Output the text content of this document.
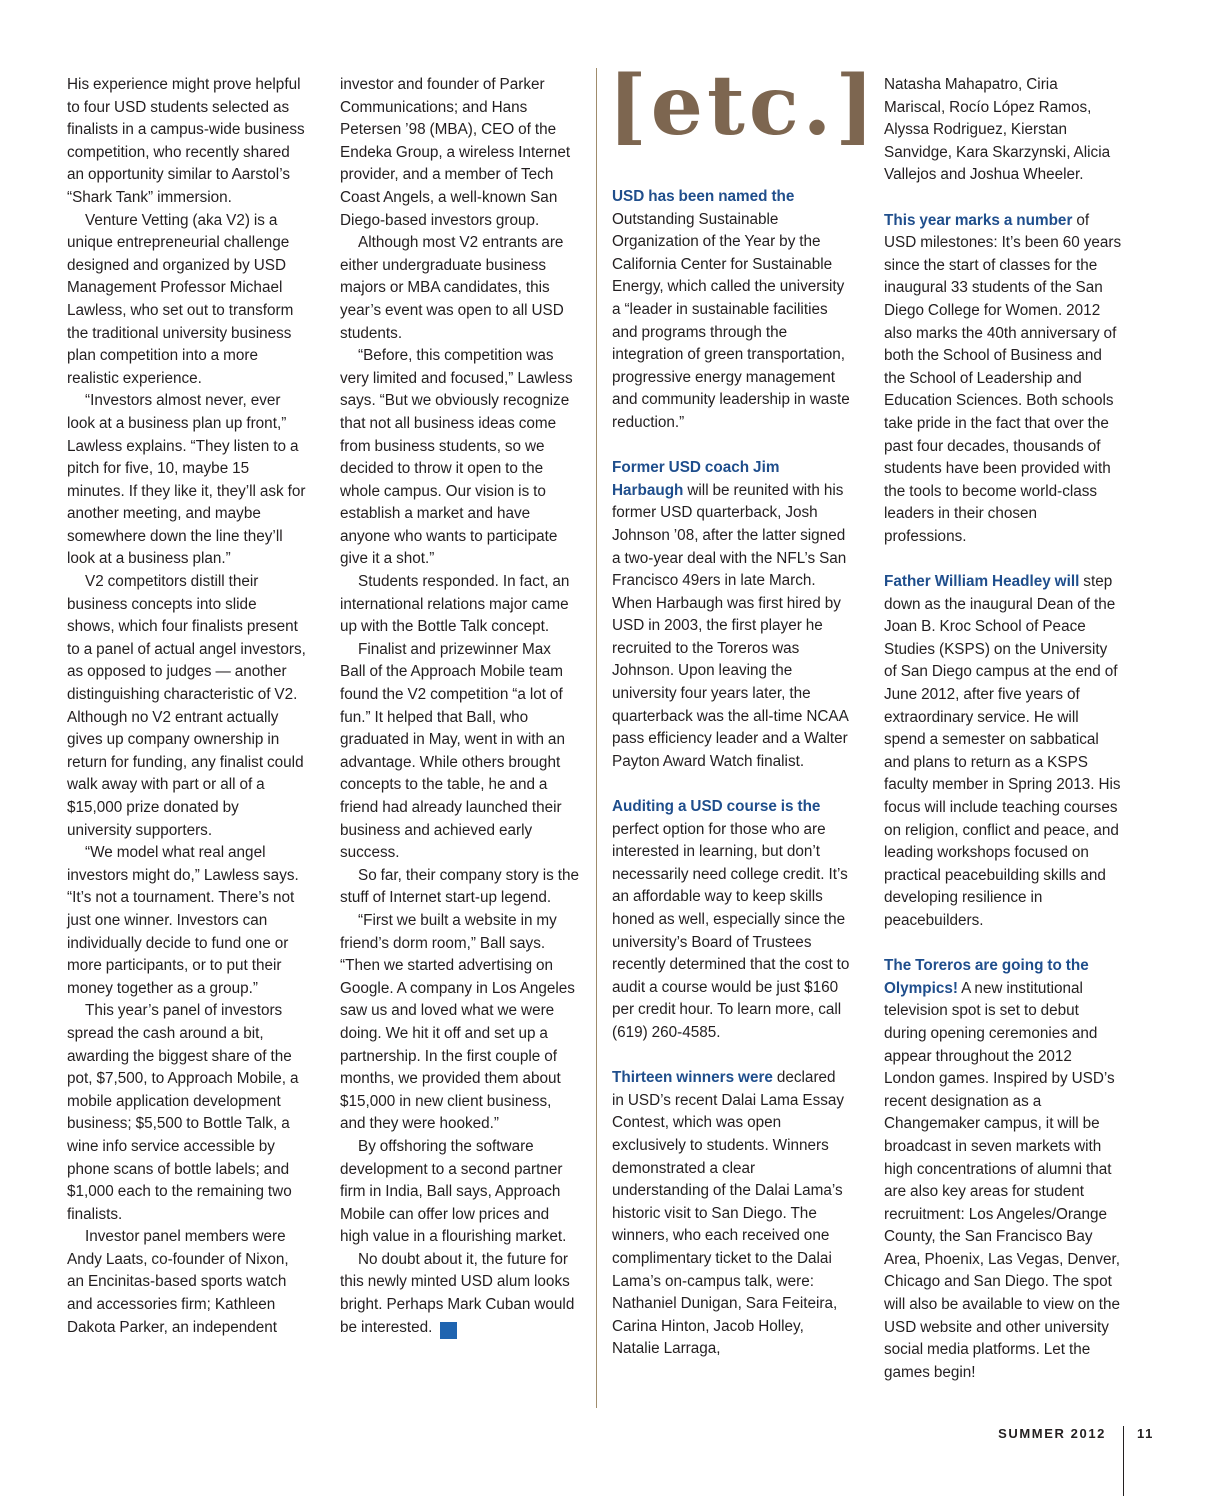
His experience might prove helpful to four USD students selected as finalists in a campus-wide business competition, who recently shared an opportunity similar to Aarstol’s “Shark Tank” immersion.

Venture Vetting (aka V2) is a unique entrepreneurial challenge designed and organized by USD Management Professor Michael Lawless, who set out to transform the traditional university business plan competition into a more realistic experience.

“Investors almost never, ever look at a business plan up front,” Lawless explains. “They listen to a pitch for five, 10, maybe 15 minutes. If they like it, they’ll ask for another meeting, and maybe somewhere down the line they’ll look at a business plan.”

V2 competitors distill their business concepts into slide shows, which four finalists present to a panel of actual angel investors, as opposed to judges — another distinguishing characteristic of V2. Although no V2 entrant actually gives up company ownership in return for funding, any finalist could walk away with part or all of a $15,000 prize donated by university supporters.

“We model what real angel investors might do,” Lawless says. “It’s not a tournament. There’s not just one winner. Investors can individually decide to fund one or more participants, or to put their money together as a group.”

This year’s panel of investors spread the cash around a bit, awarding the biggest share of the pot, $7,500, to Approach Mobile, a mobile application development business; $5,500 to Bottle Talk, a wine info service accessible by phone scans of bottle labels; and $1,000 each to the remaining two finalists.

Investor panel members were Andy Laats, co-founder of Nixon, an Encinitas-based sports watch and accessories firm; Kathleen Dakota Parker, an independent

investor and founder of Parker Communications; and Hans Petersen ’98 (MBA), CEO of the Endeka Group, a wireless Internet provider, and a member of Tech Coast Angels, a well-known San Diego-based investors group.

Although most V2 entrants are either undergraduate business majors or MBA candidates, this year’s event was open to all USD students.

“Before, this competition was very limited and focused,” Lawless says. “But we obviously recognize that not all business ideas come from business students, so we decided to throw it open to the whole campus. Our vision is to establish a market and have anyone who wants to participate give it a shot.”

Students responded. In fact, an international relations major came up with the Bottle Talk concept.

Finalist and prizewinner Max Ball of the Approach Mobile team found the V2 competition “a lot of fun.” It helped that Ball, who graduated in May, went in with an advantage. While others brought concepts to the table, he and a friend had already launched their business and achieved early success.

So far, their company story is the stuff of Internet start-up legend.

“First we built a website in my friend’s dorm room,” Ball says. “Then we started advertising on Google. A company in Los Angeles saw us and loved what we were doing. We hit it off and set up a partnership. In the first couple of months, we provided them about $15,000 in new client business, and they were hooked.”

By offshoring the software development to a second partner firm in India, Ball says, Approach Mobile can offer low prices and high value in a flourishing market.

No doubt about it, the future for this newly minted USD alum looks bright. Perhaps Mark Cuban would be interested. ✦

[etc.]
USD has been named the Outstanding Sustainable Organization of the Year by the California Center for Sustainable Energy, which called the university a “leader in sustainable facilities and programs through the integration of green transportation, progressive energy management and community leadership in waste reduction.”
Former USD coach Jim Harbaugh will be reunited with his former USD quarterback, Josh Johnson ’08, after the latter signed a two-year deal with the NFL’s San Francisco 49ers in late March. When Harbaugh was first hired by USD in 2003, the first player he recruited to the Toreros was Johnson. Upon leaving the university four years later, the quarterback was the all-time NCAA pass efficiency leader and a Walter Payton Award Watch finalist.
Auditing a USD course is the perfect option for those who are interested in learning, but don’t necessarily need college credit. It’s an affordable way to keep skills honed as well, especially since the university’s Board of Trustees recently determined that the cost to audit a course would be just $160 per credit hour. To learn more, call (619) 260-4585.
Thirteen winners were declared in USD’s recent Dalai Lama Essay Contest, which was open exclusively to students. Winners demonstrated a clear understanding of the Dalai Lama’s historic visit to San Diego. The winners, who each received one complimentary ticket to the Dalai Lama’s on-campus talk, were: Nathaniel Dunigan, Sara Feiteira, Carina Hinton, Jacob Holley, Natalie Larraga,
Natasha Mahapatro, Ciria Mariscal, Rocío López Ramos, Alyssa Rodriguez, Kierstan Sanvidge, Kara Skarzynski, Alicia Vallejos and Joshua Wheeler.
This year marks a number of USD milestones: It’s been 60 years since the start of classes for the inaugural 33 students of the San Diego College for Women. 2012 also marks the 40th anniversary of both the School of Business and the School of Leadership and Education Sciences. Both schools take pride in the fact that over the past four decades, thousands of students have been provided with the tools to become world-class leaders in their chosen professions.
Father William Headley will step down as the inaugural Dean of the Joan B. Kroc School of Peace Studies (KSPS) on the University of San Diego campus at the end of June 2012, after five years of extraordinary service. He will spend a semester on sabbatical and plans to return as a KSPS faculty member in Spring 2013. His focus will include teaching courses on religion, conflict and peace, and leading workshops focused on practical peacebuilding skills and developing resilience in peacebuilders.
The Toreros are going to the Olympics! A new institutional television spot is set to debut during opening ceremonies and appear throughout the 2012 London games. Inspired by USD’s recent designation as a Changemaker campus, it will be broadcast in seven markets with high concentrations of alumni that are also key areas for student recruitment: Los Angeles/Orange County, the San Francisco Bay Area, Phoenix, Las Vegas, Denver, Chicago and San Diego. The spot will also be available to view on the USD website and other university social media platforms. Let the games begin!
SUMMER 2012 11
